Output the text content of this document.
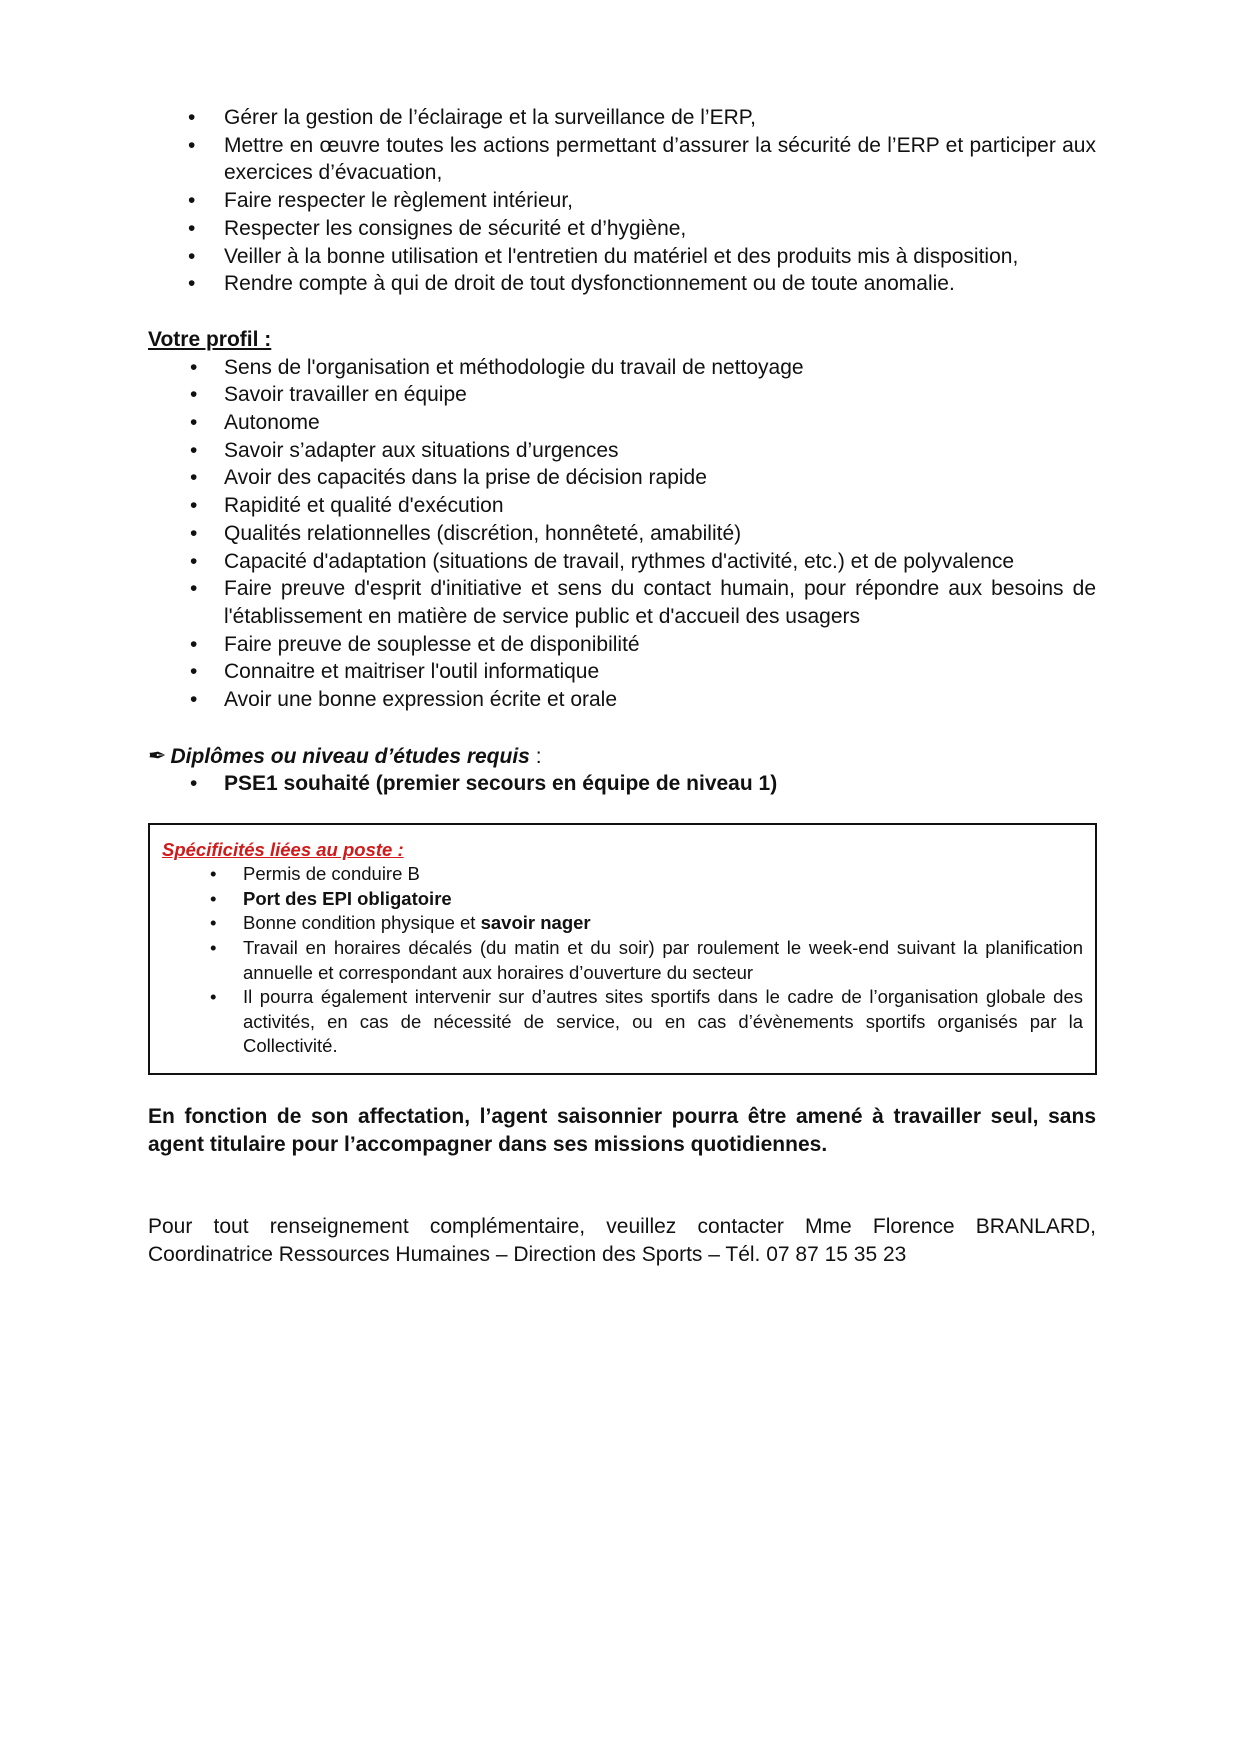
• Gérer la gestion de l’éclairage et la surveillance de l’ERP,
• Mettre en œuvre toutes les actions permettant d’assurer la sécurité de l’ERP et participer aux exercices d’évacuation,
• Faire respecter le règlement intérieur,
• Respecter les consignes de sécurité et d’hygiène,
• Veiller à la bonne utilisation et l'entretien du matériel et des produits mis à disposition,
• Rendre compte à qui de droit de tout dysfonctionnement ou de toute anomalie.
Votre profil :
• Sens de l'organisation et méthodologie du travail de nettoyage
• Savoir travailler en équipe
• Autonome
• Savoir s’adapter aux situations d’urgences
• Avoir des capacités dans la prise de décision rapide
• Rapidité et qualité d'exécution
• Qualités relationnelles (discrétion, honnêteté, amabilité)
• Capacité d'adaptation (situations de travail, rythmes d'activité, etc.) et de polyvalence
• Faire preuve d'esprit d'initiative et sens du contact humain, pour répondre aux besoins de l'établissement en matière de service public et d'accueil des usagers
• Faire preuve de souplesse et de disponibilité
• Connaitre et maitriser l'outil informatique
• Avoir une bonne expression écrite et orale
✒ Diplômes ou niveau d’études requis :
• PSE1 souhaité (premier secours en équipe de niveau 1)
Spécificités liées au poste :
• Permis de conduire B
• Port des EPI obligatoire
• Bonne condition physique et savoir nager
• Travail en horaires décalés (du matin et du soir) par roulement le week-end suivant la planification annuelle et correspondant aux horaires d’ouverture du secteur
• Il pourra également intervenir sur d’autres sites sportifs dans le cadre de l’organisation globale des activités, en cas de nécessité de service, ou en cas d’évènements sportifs organisés par la Collectivité.
En fonction de son affectation, l’agent saisonnier pourra être amené à travailler seul, sans agent titulaire pour l’accompagner dans ses missions quotidiennes.
Pour tout renseignement complémentaire, veuillez contacter Mme Florence BRANLARD, Coordinatrice Ressources Humaines – Direction des Sports – Tél. 07 87 15 35 23
